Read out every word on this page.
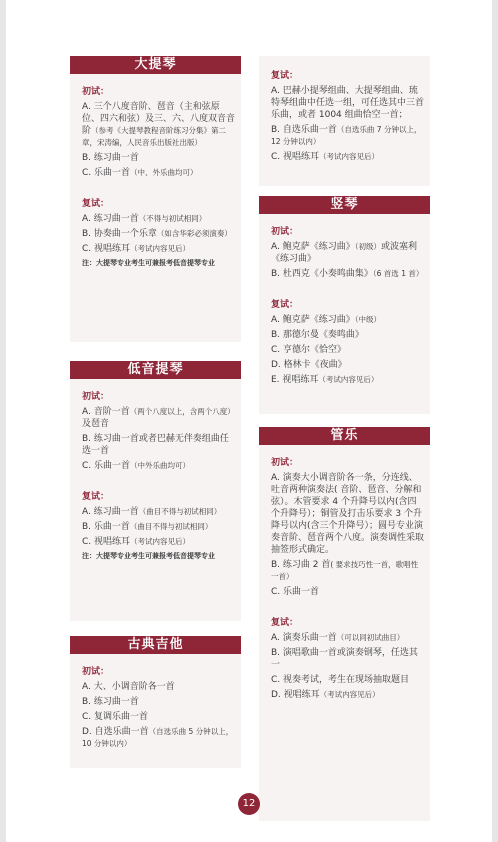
大提琴
初试：
A. 三个八度音阶、琶音（主和弦原位、四六和弦）及三、六、八度双音音阶（参考《大提琴教程音阶练习分集》第二章，宋涛编，人民音乐出版社出版）
B. 练习曲一首
C. 乐曲一首（中、外乐曲均可）
复试：
A. 练习曲一首（不得与初试相同）
B. 协奏曲一个乐章（如含华彩必须演奏）
C. 视唱练耳（考试内容见后）
注：大提琴专业考生可兼报考低音提琴专业
低音提琴
初试：
A. 音阶一首（两个八度以上，含两个八度）及琶音
B. 练习曲一首或者巴赫无伴奏组曲任选一首
C. 乐曲一首（中外乐曲均可）
复试：
A. 练习曲一首（曲目不得与初试相同）
B. 乐曲一首（曲目不得与初试相同）
C. 视唱练耳（考试内容见后）
注：大提琴专业考生可兼报考低音提琴专业
古典吉他
初试：
A. 大、小调音阶各一首
B. 练习曲一首
C. 复调乐曲一首
D. 自选乐曲一首（自选乐曲 5 分钟以上，10 分钟以内）
复试：
A. 巴赫小提琴组曲、大提琴组曲、琉特琴组曲中任选一组，可任选其中三首乐曲，或者 1004 组曲恰空一首；
B. 自选乐曲一首（自选乐曲 7 分钟以上，12 分钟以内）
C. 视唱练耳（考试内容见后）
竖琴
初试：
A. 鲍克萨《练习曲》（初级）或波塞利《练习曲》
B. 杜西克《小奏鸣曲集》（6 首选 1 首）
复试：
A. 鲍克萨《练习曲》（中级）
B. 那德尔曼《奏鸣曲》
C. 亨德尔《恰空》
D. 格林卡《夜曲》
E. 视唱练耳（考试内容见后）
管乐
初试：
A. 演奏大小调音阶各一条，分连线、吐音两种演奏法( 音阶、琶音、分解和弦）。木管要求 4 个升降号以内(含四个升降号）；铜管及打击乐要求 3 个升降号以内(含三个升降号）；圆号专业演奏音阶、琶音两个八度。演奏调性采取抽签形式确定。
B. 练习曲 2 首( 要求技巧性一首，歌唱性一首）
C. 乐曲一首
复试：
A. 演奏乐曲一首（可以同初试曲目）
B. 演唱歌曲一首或演奏钢琴，任选其一
C. 视奏考试，考生在现场抽取题目
D. 视唱练耳（考试内容见后）
12
